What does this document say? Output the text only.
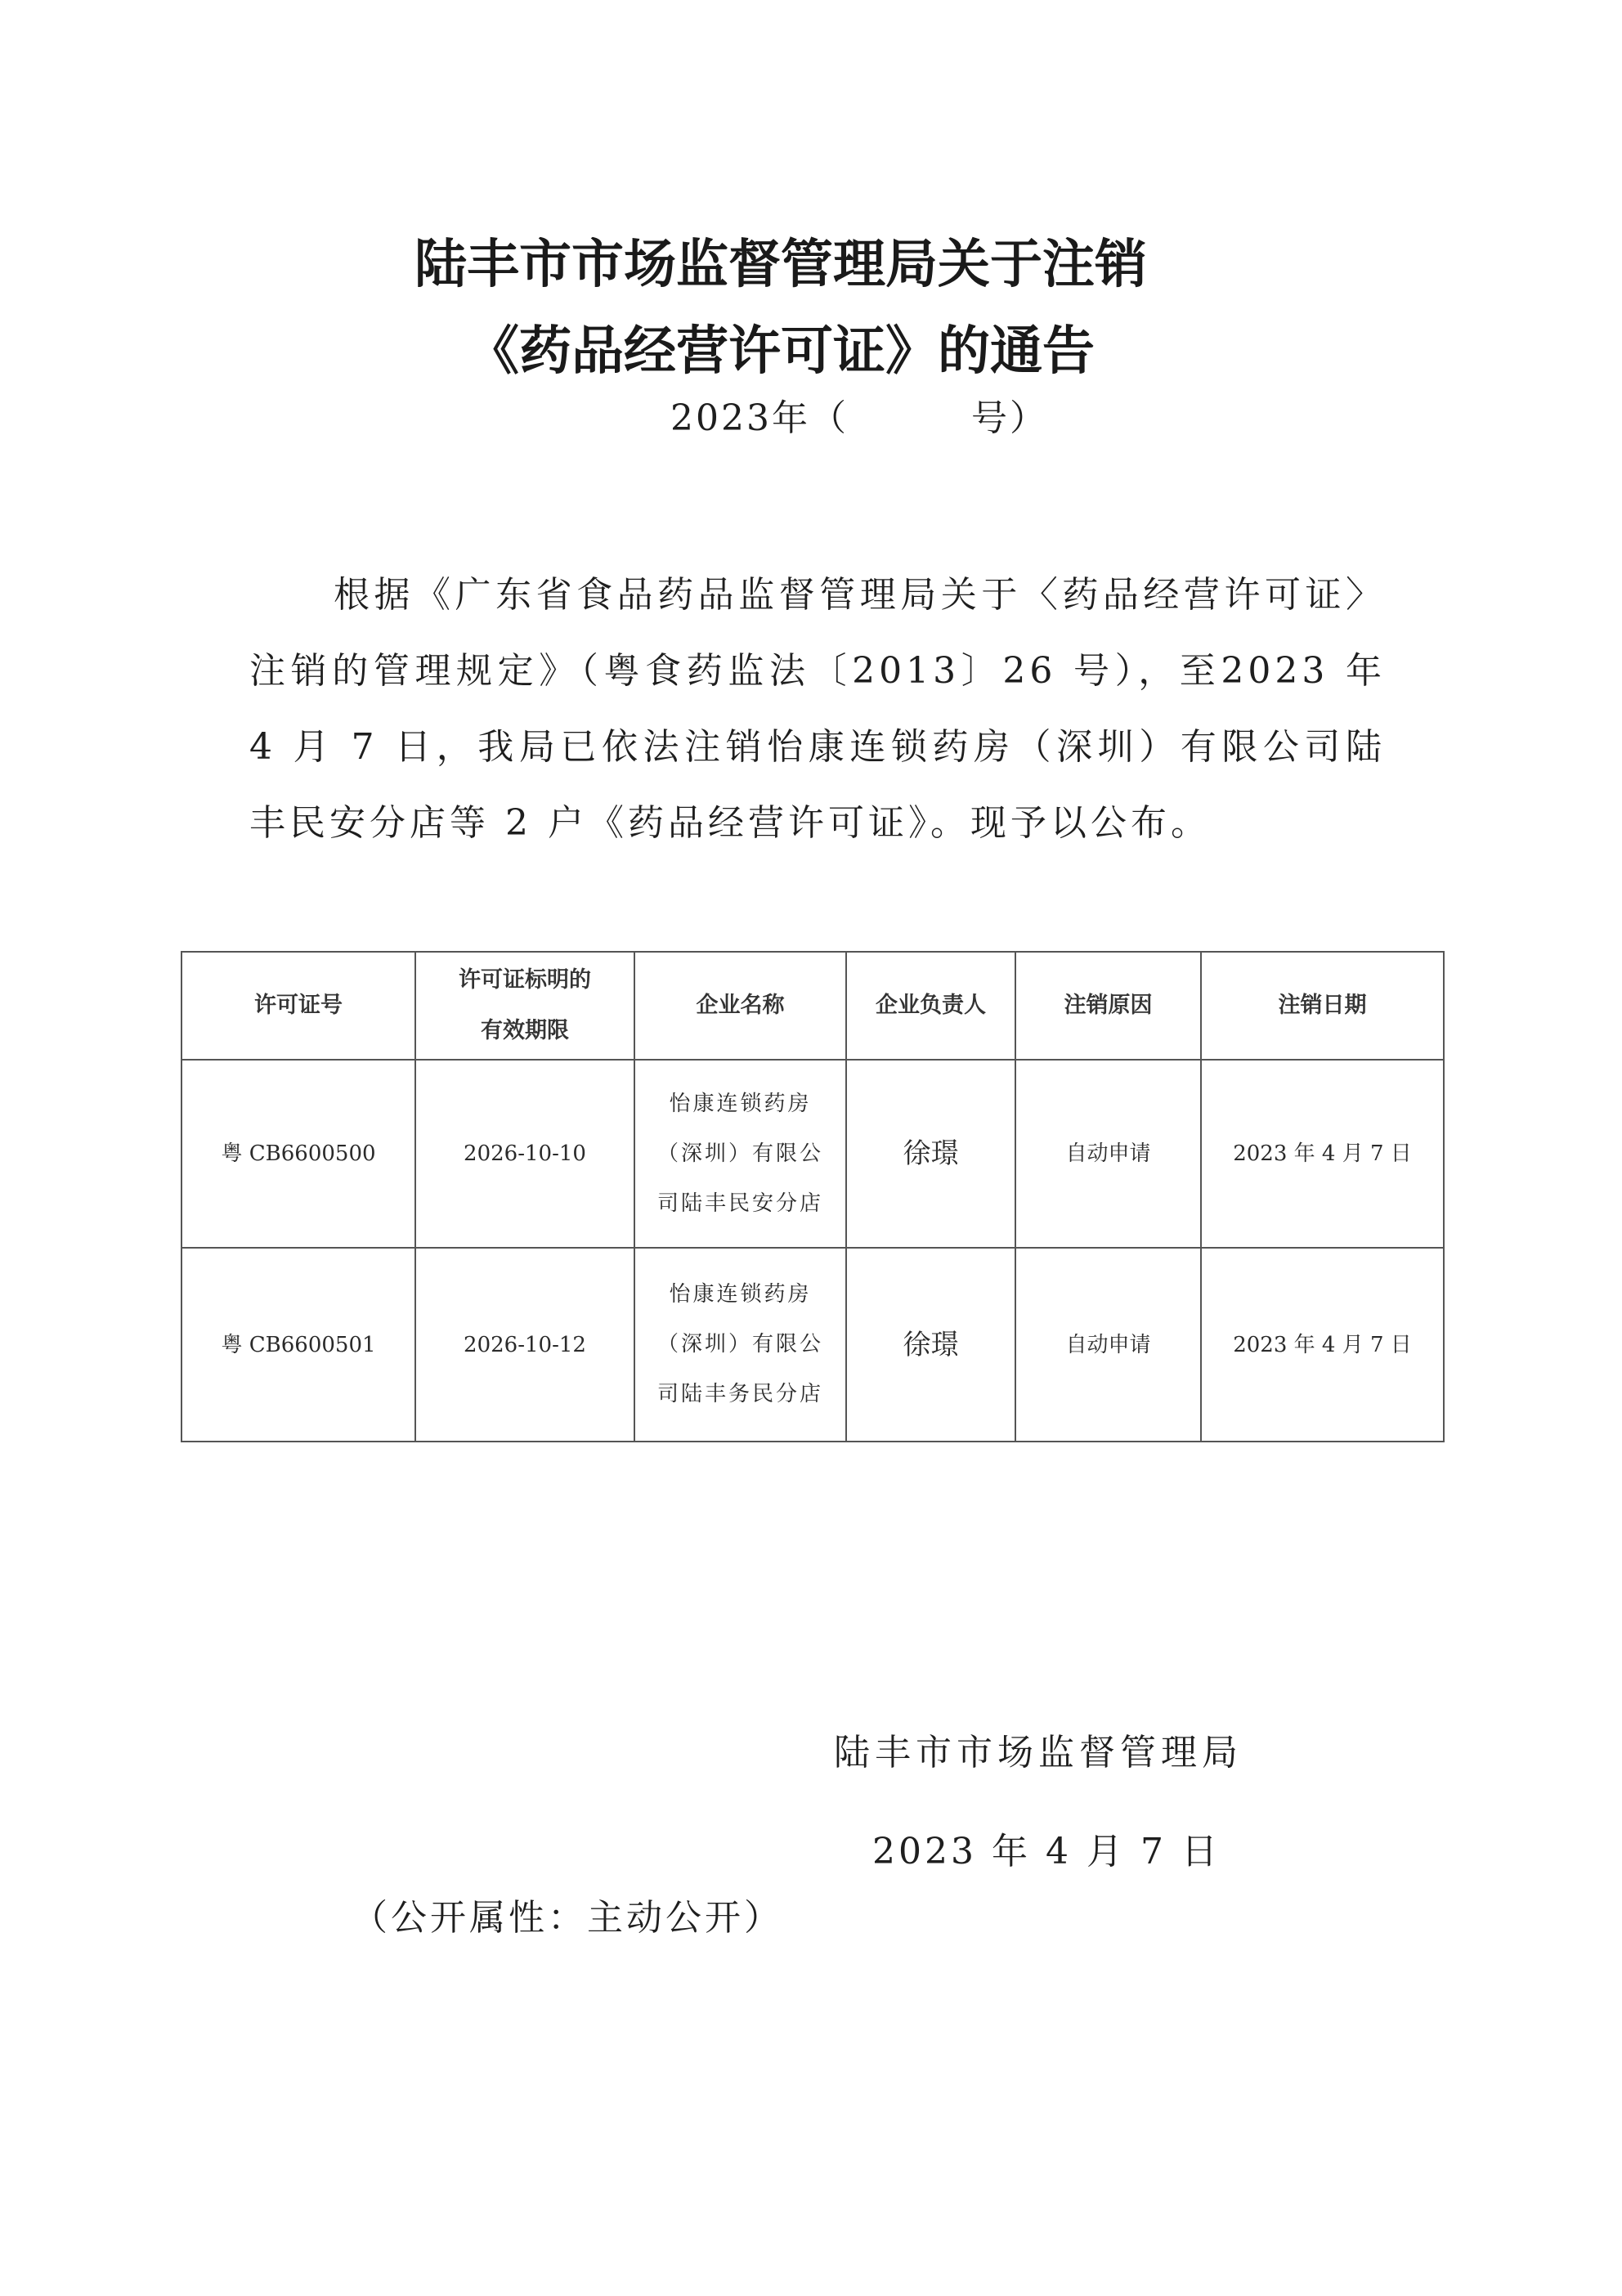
陆丰市市场监督管理局关于注销
《药品经营许可证》的通告
2023年（	号）
根据《广东省食品药品监督管理局关于〈药品经营许可证〉注销的管理规定》（粤食药监法〔2013〕26 号），至2023 年 4 月 7 日，我局已依法注销怡康连锁药房（深圳）有限公司陆丰民安分店等 2 户《药品经营许可证》。现予以公布。
许可证号	许可证标明的有效期限	企业名称	企业负责人	注销原因	注销日期
粤 CB6600500	2026-10-10	怡康连锁药房（深圳）有限公司陆丰民安分店	徐璟	自动申请	2023 年 4 月 7 日
粤 CB6600501	2026-10-12	怡康连锁药房（深圳）有限公司陆丰务民分店	徐璟	自动申请	2023 年 4 月 7 日
陆丰市市场监督管理局
2023 年 4 月 7 日
（公开属性：主动公开）
